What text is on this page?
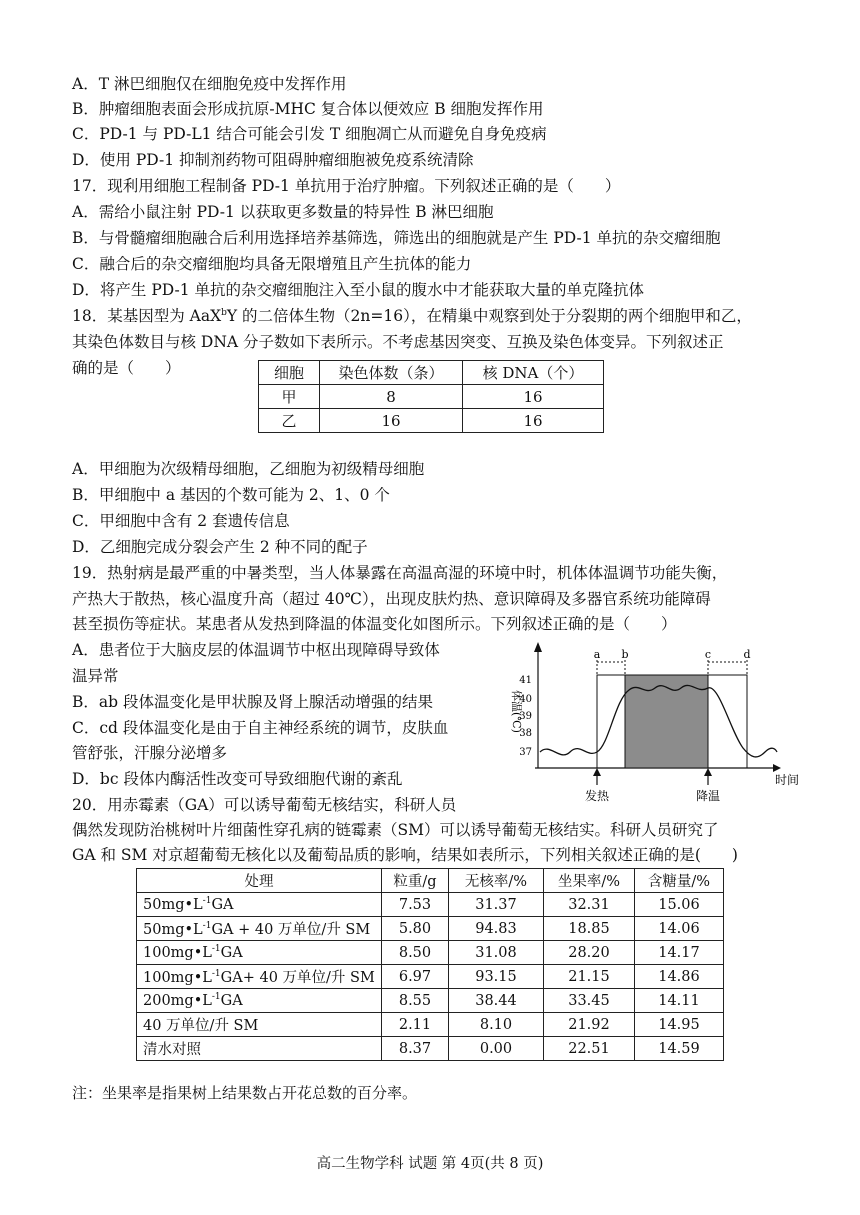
A．T 淋巴细胞仅在细胞免疫中发挥作用
B．肿瘤细胞表面会形成抗原-MHC 复合体以便效应 B 细胞发挥作用
C．PD-1 与 PD-L1 结合可能会引发 T 细胞凋亡从而避免自身免疫病
D．使用 PD-1 抑制剂药物可阻碍肿瘤细胞被免疫系统清除
17．现利用细胞工程制备 PD-1 单抗用于治疗肿瘤。下列叙述正确的是（　　）
A．需给小鼠注射 PD-1 以获取更多数量的特异性 B 淋巴细胞
B．与骨髓瘤细胞融合后利用选择培养基筛选，筛选出的细胞就是产生 PD-1 单抗的杂交瘤细胞
C．融合后的杂交瘤细胞均具备无限增殖且产生抗体的能力
D．将产生 PD-1 单抗的杂交瘤细胞注入至小鼠的腹水中才能获取大量的单克隆抗体
18．某基因型为 AaX$^b$Y 的二倍体生物（2n=16），在精巢中观察到处于分裂期的两个细胞甲和乙，
其染色体数目与核 DNA 分子数如下表所示。不考虑基因突变、互换及染色体变异。下列叙述正
确的是（　　）	细胞	染色体数（条）	核 DNA（个）
甲	8	16
乙	16	16
A．甲细胞为次级精母细胞，乙细胞为初级精母细胞
B．甲细胞中 a 基因的个数可能为 2、1、0 个
C．甲细胞中含有 2 套遗传信息
D．乙细胞完成分裂会产生 2 种不同的配子
19．热射病是最严重的中暑类型，当人体暴露在高温高湿的环境中时，机体体温调节功能失衡，
产热大于散热，核心温度升高（超过 40℃），出现皮肤灼热、意识障碍及多器官系统功能障碍
甚至损伤等症状。某患者从发热到降温的体温变化如图所示。下列叙述正确的是（　　）
A．患者位于大脑皮层的体温调节中枢出现障碍导致体
温异常
B．ab 段体温变化是甲状腺及肾上腺活动增强的结果
C．cd 段体温变化是由于自主神经系统的调节，皮肤血
管舒张，汗腺分泌增多
D．bc 段体内酶活性改变可导致细胞代谢的紊乱
a b	c	d
41
40
39
38
37
体温(℃)
发热	降温
时间
20．用赤霉素（GA）可以诱导葡萄无核结实，科研人员
偶然发现防治桃树叶片细菌性穿孔病的链霉素（SM）可以诱导葡萄无核结实。科研人员研究了
GA 和 SM 对京超葡萄无核化以及葡萄品质的影响，结果如表所示，下列相关叙述正确的是(　　)
处理	粒重/g	无核率/%	坐果率/%	含糖量/%
$50mg•L^{-1}GA$	7.53	31.37	32.31	15.06
$50mg•L^{-1}GA + 40$ 万单位/升 SM	5.80	94.83	18.85	14.06
$100mg•L^{-1}GA$	8.50	31.08	28.20	14.17
$100mg•L^{-1}GA+ 40$ 万单位/升 SM	6.97	93.15	21.15	14.86
$200mg•L^{-1}GA$	8.55	38.44	33.45	14.11
40 万单位/升 SM	2.11	8.10	21.92	14.95
清水对照	8.37	0.00	22.51	14.59
注：坐果率是指果树上结果数占开花总数的百分率。
高二生物学科 试题 第 4页(共 8 页)
